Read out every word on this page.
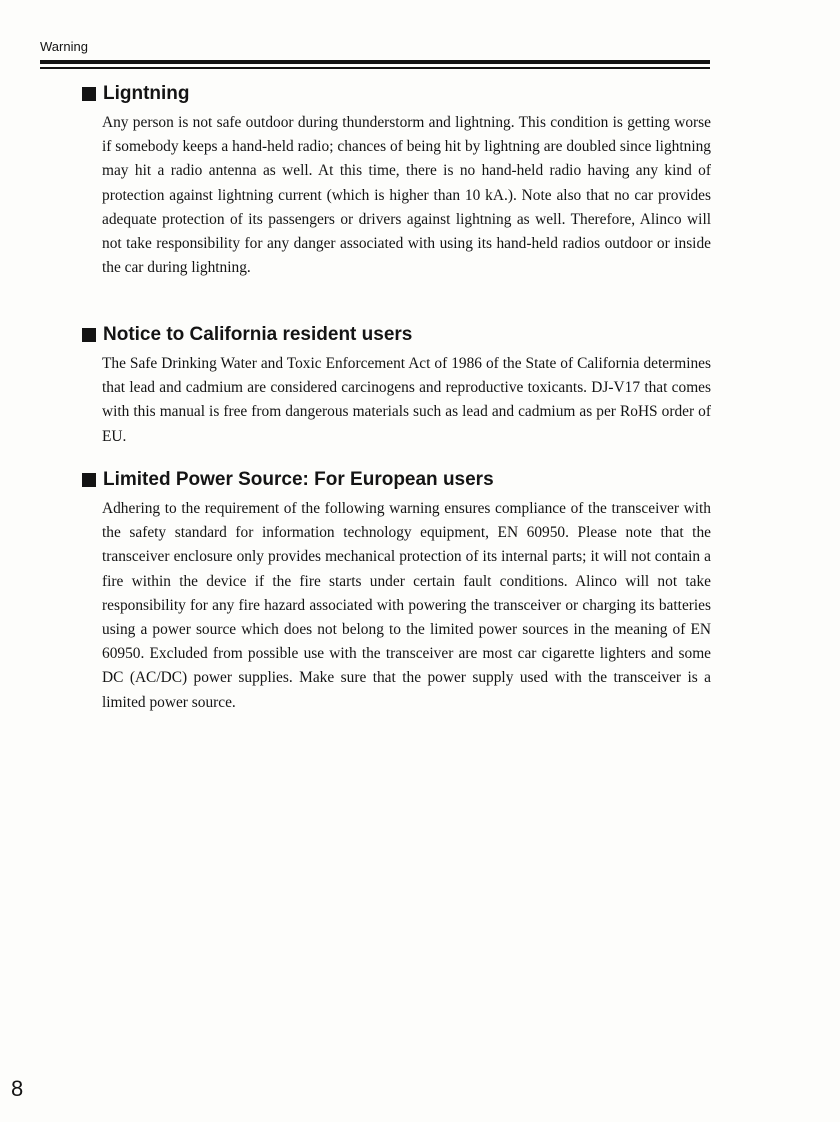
Warning
Ligntning

Any person is not safe outdoor during thunderstorm and lightning. This condition is getting worse if somebody keeps a hand-held radio; chances of being hit by lightning are doubled since lightning may hit a radio antenna as well. At this time, there is no hand-held radio having any kind of protection against lightning current (which is higher than 10 kA.). Note also that no car provides adequate protection of its passengers or drivers against lightning as well. Therefore, Alinco will not take responsibility for any danger associated with using its hand-held radios outdoor or inside the car during lightning.

Notice to California resident users

The Safe Drinking Water and Toxic Enforcement Act of 1986 of the State of California determines that lead and cadmium are considered carcinogens and reproductive toxicants. DJ-V17 that comes with this manual is free from dangerous materials such as lead and cadmium as per RoHS order of EU.

Limited Power Source: For European users

Adhering to the requirement of the following warning ensures compliance of the transceiver with the safety standard for information technology equipment, EN 60950. Please note that the transceiver enclosure only provides mechanical protection of its internal parts; it will not contain a fire within the device if the fire starts under certain fault conditions. Alinco will not take responsibility for any fire hazard associated with powering the transceiver or charging its batteries using a power source which does not belong to the limited power sources in the meaning of EN 60950. Excluded from possible use with the transceiver are most car cigarette lighters and some DC (AC/DC) power supplies. Make sure that the power supply used with the transceiver is a limited power source.

8
